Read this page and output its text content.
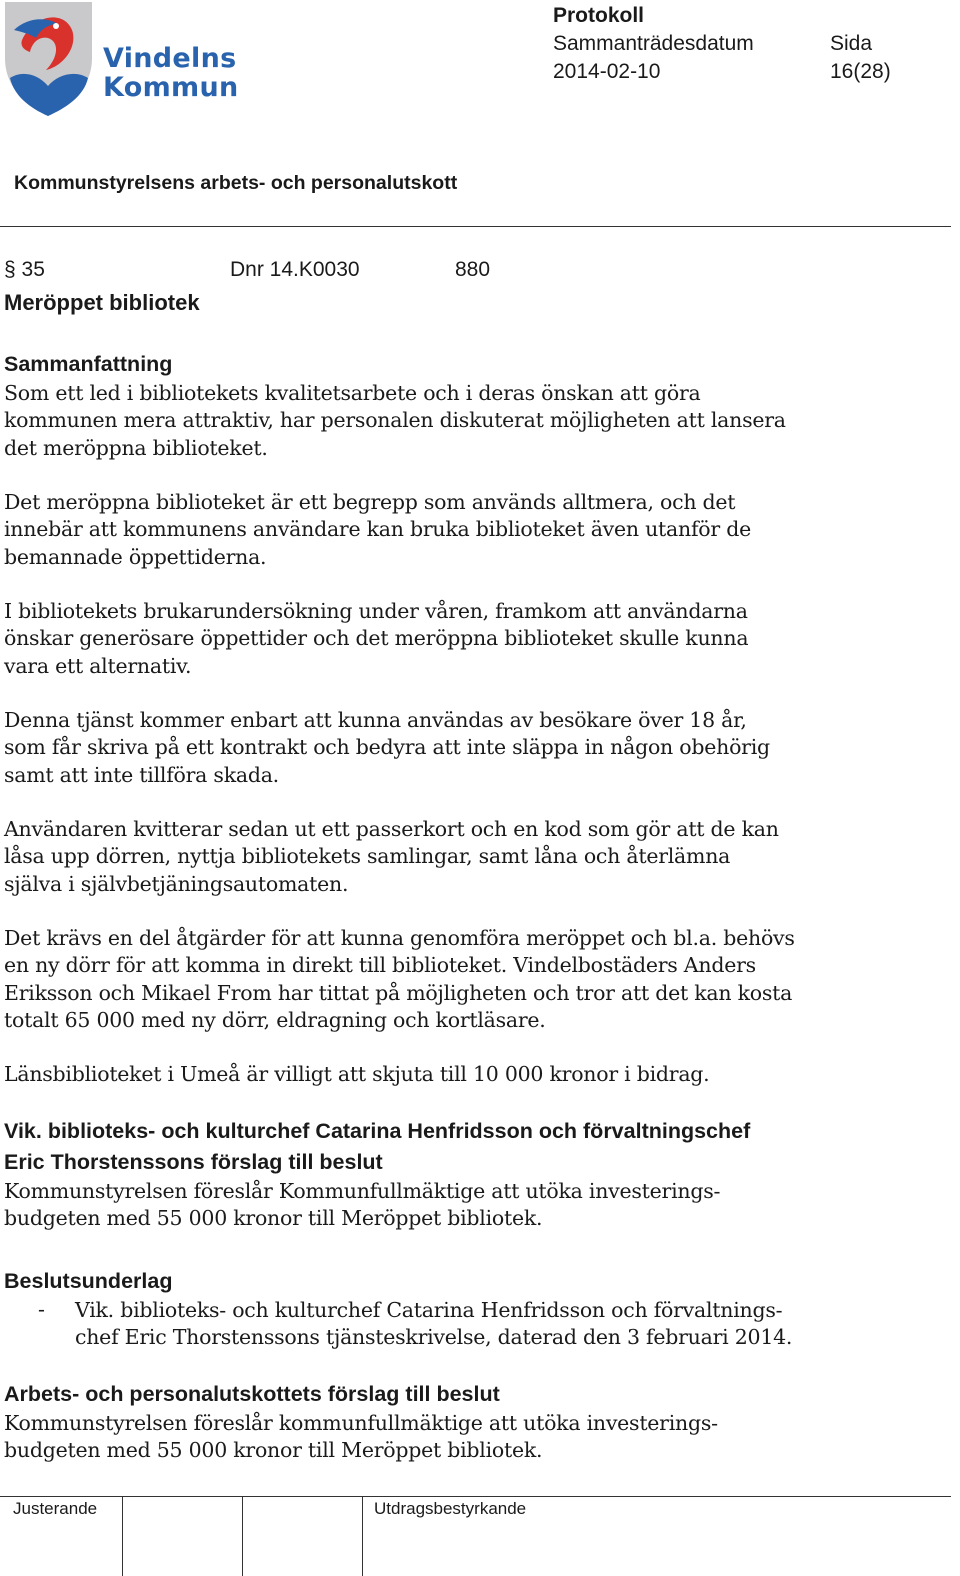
Vindelns
Kommun
Protokoll
Sammanträdesdatum
2014-02-10
Sida
16(28)
Kommunstyrelsens arbets- och personalutskott
§ 35	Dnr 14.K0030	880
Meröppet bibliotek
Sammanfattning
Som ett led i bibliotekets kvalitetsarbete och i deras önskan att göra
kommunen mera attraktiv, har personalen diskuterat möjligheten att lansera
det meröppna biblioteket.
Det meröppna biblioteket är ett begrepp som används alltmera, och det
innebär att kommunens användare kan bruka biblioteket även utanför de
bemannade öppettiderna.
I bibliotekets brukarundersökning under våren, framkom att användarna
önskar generösare öppettider och det meröppna biblioteket skulle kunna
vara ett alternativ.
Denna tjänst kommer enbart att kunna användas av besökare över 18 år,
som får skriva på ett kontrakt och bedyra att inte släppa in någon obehörig
samt att inte tillföra skada.
Användaren kvitterar sedan ut ett passerkort och en kod som gör att de kan
låsa upp dörren, nyttja bibliotekets samlingar, samt låna och återlämna
själva i självbetjäningsautomaten.
Det krävs en del åtgärder för att kunna genomföra meröppet och bl.a. behövs
en ny dörr för att komma in direkt till biblioteket. Vindelbostäders Anders
Eriksson och Mikael From har tittat på möjligheten och tror att det kan kosta
totalt 65 000 med ny dörr, eldragning och kortläsare.
Länsbiblioteket i Umeå är villigt att skjuta till 10 000 kronor i bidrag.
Vik. biblioteks- och kulturchef Catarina Henfridsson och förvaltningschef
Eric Thorstenssons förslag till beslut
Kommunstyrelsen föreslår Kommunfullmäktige att utöka investerings-
budgeten med 55 000 kronor till Meröppet bibliotek.
Beslutsunderlag
- Vik. biblioteks- och kulturchef Catarina Henfridsson och förvaltnings-
chef Eric Thorstenssons tjänsteskrivelse, daterad den 3 februari 2014.
Arbets- och personalutskottets förslag till beslut
Kommunstyrelsen föreslår kommunfullmäktige att utöka investerings-
budgeten med 55 000 kronor till Meröppet bibliotek.
Justerande	Utdragsbestyrkande
